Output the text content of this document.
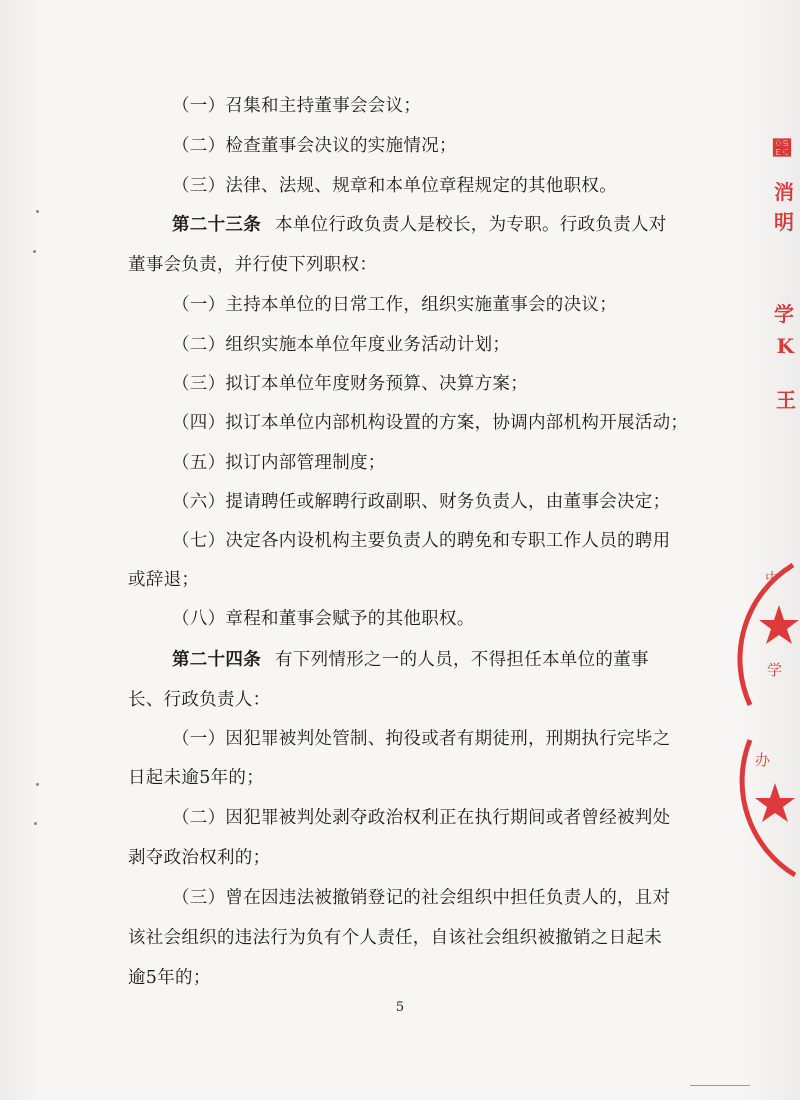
（一）召集和主持董事会会议；
（二）检查董事会决议的实施情况；
（三）法律、法规、规章和本单位章程规定的其他职权。
第二十三条 本单位行政负责人是校长，为专职。行政负责人对
董事会负责，并行使下列职权：
（一）主持本单位的日常工作，组织实施董事会的决议；
（二）组织实施本单位年度业务活动计划；
（三）拟订本单位年度财务预算、决算方案；
（四）拟订本单位内部机构设置的方案，协调内部机构开展活动；
（五）拟订内部管理制度；
（六）提请聘任或解聘行政副职、财务负责人，由董事会决定；
（七）决定各内设机构主要负责人的聘免和专职工作人员的聘用
或辞退；
（八）章程和董事会赋予的其他职权。
第二十四条 有下列情形之一的人员，不得担任本单位的董事
长、行政负责人：
（一）因犯罪被判处管制、拘役或者有期徒刑，刑期执行完毕之
日起未逾5年的；
（二）因犯罪被判处剥夺政治权利正在执行期间或者曾经被判处
剥夺政治权利的；
（三）曾在因违法被撤销登记的社会组织中担任负责人的，且对
该社会组织的违法行为负有个人责任，自该社会组织被撤销之日起未
逾5年的；
5
׬
消
明
学
K
王
中
学
办
